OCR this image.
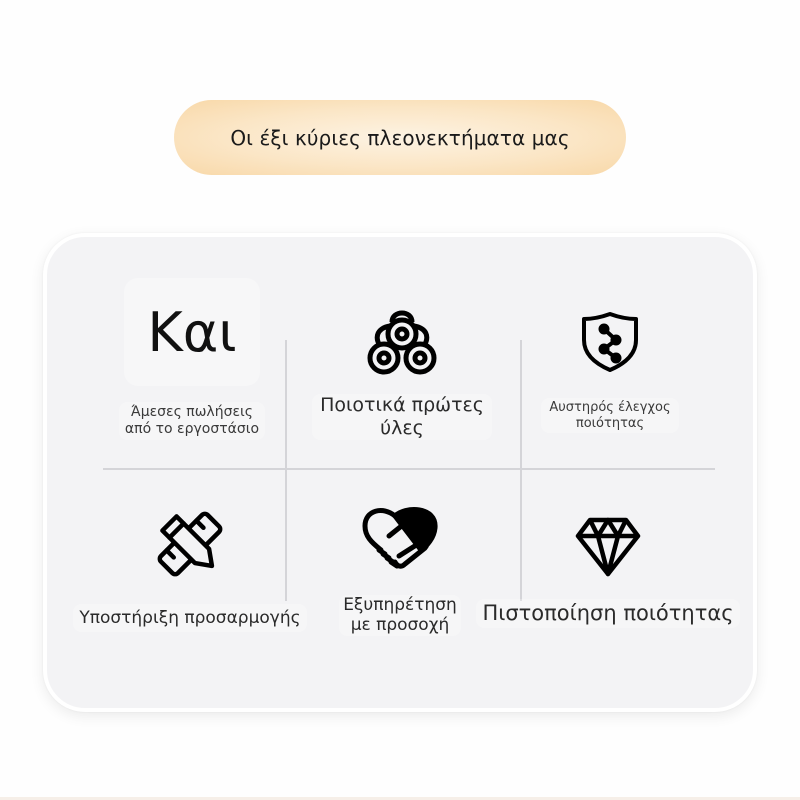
Οι έξι κύριες πλεονεκτήματα μας
Και
Άμεσες πωλήσεις
από το εργοστάσιο
Ποιοτικά πρώτες
ύλες
Αυστηρός έλεγχος
ποιότητας
Υποστήριξη προσαρμογής
Εξυπηρέτηση
με προσοχή
Πιστοποίηση ποιότητας
